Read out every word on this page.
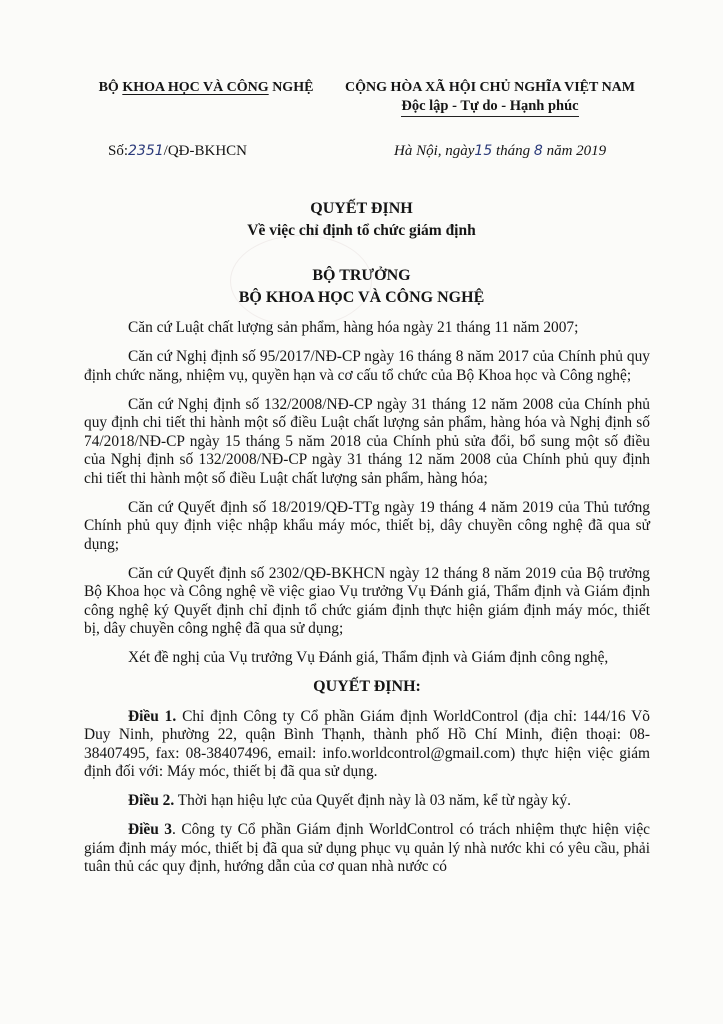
BỘ KHOA HỌC VÀ CÔNG NGHỆ	CỘNG HÒA XÃ HỘI CHỦ NGHĨA VIỆT NAM
Độc lập - Tự do - Hạnh phúc
Số:2351/QĐ-BKHCN	Hà Nội, ngày15 tháng 8 năm 2019
QUYẾT ĐỊNH
Về việc chỉ định tổ chức giám định
BỘ TRƯỞNG
BỘ KHOA HỌC VÀ CÔNG NGHỆ

Căn cứ Luật chất lượng sản phẩm, hàng hóa ngày 21 tháng 11 năm 2007;

Căn cứ Nghị định số 95/2017/NĐ-CP ngày 16 tháng 8 năm 2017 của Chính phủ quy định chức năng, nhiệm vụ, quyền hạn và cơ cấu tổ chức của Bộ Khoa học và Công nghệ;

Căn cứ Nghị định số 132/2008/NĐ-CP ngày 31 tháng 12 năm 2008 của Chính phủ quy định chi tiết thi hành một số điều Luật chất lượng sản phẩm, hàng hóa và Nghị định số 74/2018/NĐ-CP ngày 15 tháng 5 năm 2018 của Chính phủ sửa đổi, bổ sung một số điều của Nghị định số 132/2008/NĐ-CP ngày 31 tháng 12 năm 2008 của Chính phủ quy định chi tiết thi hành một số điều Luật chất lượng sản phẩm, hàng hóa;

Căn cứ Quyết định số 18/2019/QĐ-TTg ngày 19 tháng 4 năm 2019 của Thủ tướng Chính phủ quy định việc nhập khẩu máy móc, thiết bị, dây chuyền công nghệ đã qua sử dụng;

Căn cứ Quyết định số 2302/QĐ-BKHCN ngày 12 tháng 8 năm 2019 của Bộ trưởng Bộ Khoa học và Công nghệ về việc giao Vụ trưởng Vụ Đánh giá, Thẩm định và Giám định công nghệ ký Quyết định chỉ định tổ chức giám định thực hiện giám định máy móc, thiết bị, dây chuyền công nghệ đã qua sử dụng;

Xét đề nghị của Vụ trưởng Vụ Đánh giá, Thẩm định và Giám định công nghệ,

QUYẾT ĐỊNH:

Điều 1. Chỉ định Công ty Cổ phần Giám định WorldControl (địa chỉ: 144/16 Võ Duy Ninh, phường 22, quận Bình Thạnh, thành phố Hồ Chí Minh, điện thoại: 08-38407495, fax: 08-38407496, email: info.worldcontrol@gmail.com) thực hiện việc giám định đối với: Máy móc, thiết bị đã qua sử dụng.

Điều 2. Thời hạn hiệu lực của Quyết định này là 03 năm, kể từ ngày ký.

Điều 3. Công ty Cổ phần Giám định WorldControl có trách nhiệm thực hiện việc giám định máy móc, thiết bị đã qua sử dụng phục vụ quản lý nhà nước khi có yêu cầu, phải tuân thủ các quy định, hướng dẫn của cơ quan nhà nước có
